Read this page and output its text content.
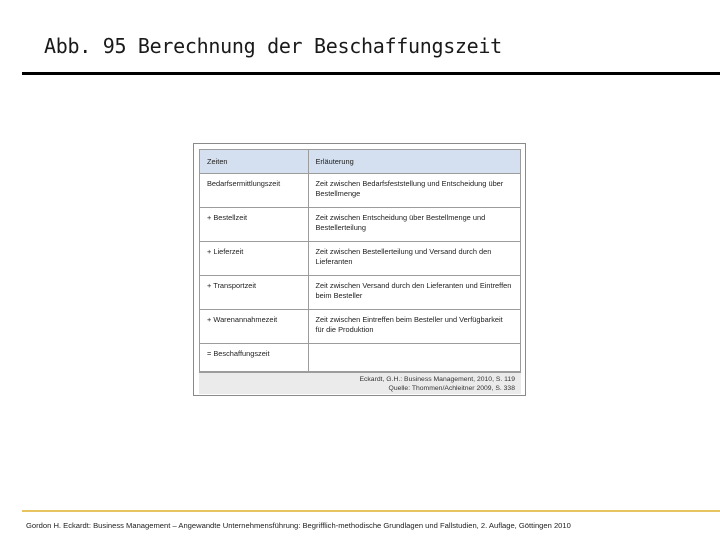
Abb. 95 Berechnung der Beschaffungszeit
Zeiten	Erläuterung
Bedarfsermittlungszeit	Zeit zwischen Bedarfsfeststellung und Entscheidung über Bestellmenge
+ Bestellzeit	Zeit zwischen Entscheidung über Bestellmenge und Bestellerteilung
+ Lieferzeit	Zeit zwischen Bestellerteilung und Versand durch den Lieferanten
+ Transportzeit	Zeit zwischen Versand durch den Lieferanten und Eintreffen beim Besteller
+ Warenannahmezeit	Zeit zwischen Eintreffen beim Besteller und Verfügbarkeit für die Produktion
= Beschaffungszeit	
Eckardt, G.H.: Business Management, 2010, S. 119
Quelle: Thommen/Achleitner 2009, S. 338
Gordon H. Eckardt: Business Management – Angewandte Unternehmensführung: Begrifflich-methodische Grundlagen und Fallstudien, 2. Auflage, Göttingen 2010
